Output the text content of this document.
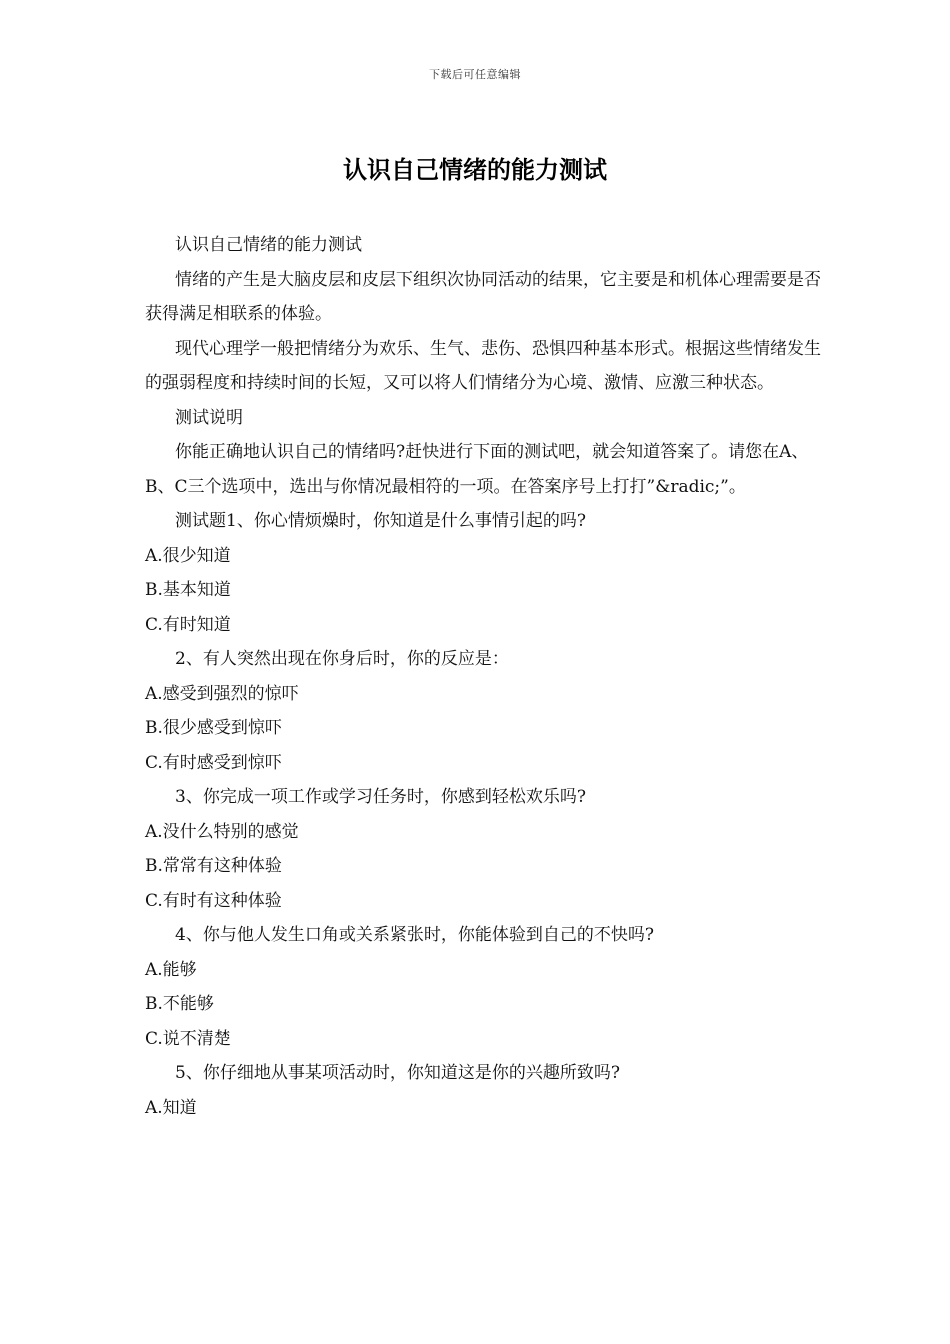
下载后可任意编辑
认识自己情绪的能力测试

认识自己情绪的能力测试

情绪的产生是大脑皮层和皮层下组织次协同活动的结果，它主要是和机体心理需要是否获得满足相联系的体验。

现代心理学一般把情绪分为欢乐、生气、悲伤、恐惧四种基本形式。根据这些情绪发生的强弱程度和持续时间的长短，又可以将人们情绪分为心境、激情、应激三种状态。

测试说明

你能正确地认识自己的情绪吗?赶快进行下面的测试吧，就会知道答案了。请您在A、B、C三个选项中，选出与你情况最相符的一项。在答案序号上打打”&radic;”。

测试题1、你心情烦燥时，你知道是什么事情引起的吗?

A.很少知道

B.基本知道

C.有时知道

2、有人突然出现在你身后时，你的反应是：

A.感受到强烈的惊吓

B.很少感受到惊吓

C.有时感受到惊吓

3、你完成一项工作或学习任务时，你感到轻松欢乐吗?

A.没什么特别的感觉

B.常常有这种体验

C.有时有这种体验

4、你与他人发生口角或关系紧张时，你能体验到自己的不快吗?

A.能够

B.不能够

C.说不清楚

5、你仔细地从事某项活动时，你知道这是你的兴趣所致吗?

A.知道
